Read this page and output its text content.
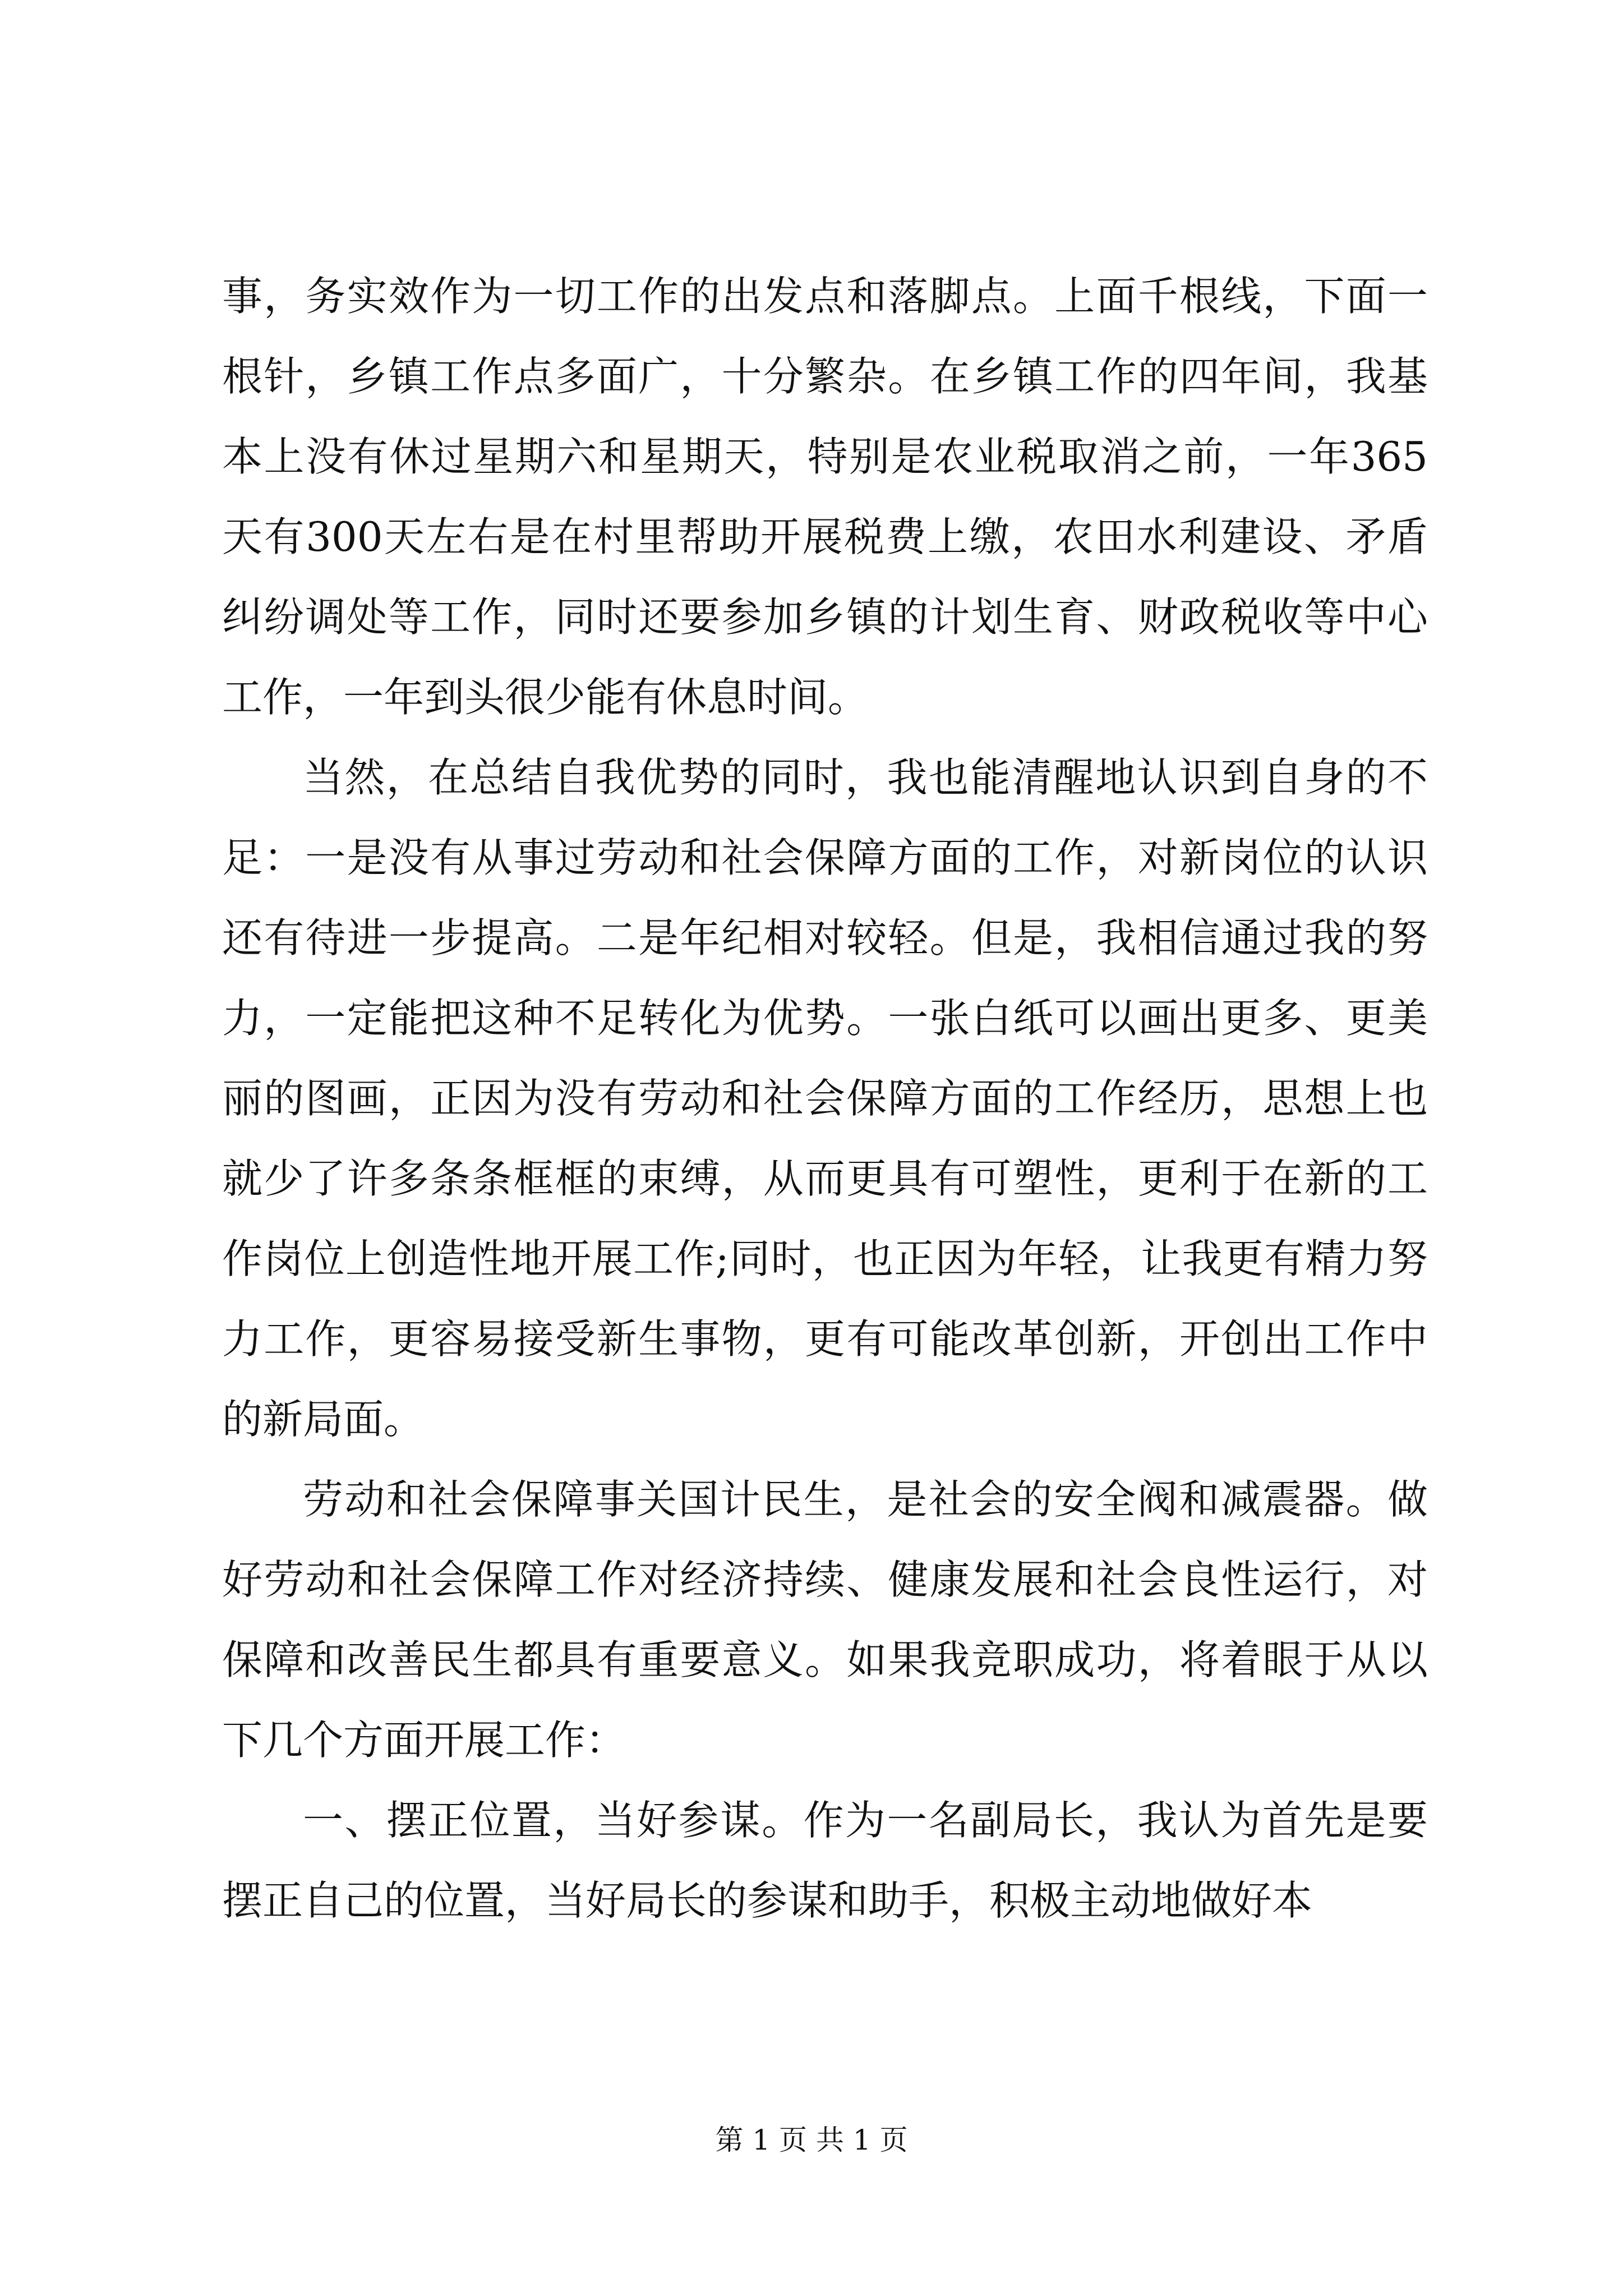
事，务实效作为一切工作的出发点和落脚点。上面千根线，下面一根针，乡镇工作点多面广，十分繁杂。在乡镇工作的四年间，我基本上没有休过星期六和星期天，特别是农业税取消之前，一年365天有300天左右是在村里帮助开展税费上缴，农田水利建设、矛盾纠纷调处等工作，同时还要参加乡镇的计划生育、财政税收等中心工作，一年到头很少能有休息时间。

当然，在总结自我优势的同时，我也能清醒地认识到自身的不足：一是没有从事过劳动和社会保障方面的工作，对新岗位的认识还有待进一步提高。二是年纪相对较轻。但是，我相信通过我的努力，一定能把这种不足转化为优势。一张白纸可以画出更多、更美丽的图画，正因为没有劳动和社会保障方面的工作经历，思想上也就少了许多条条框框的束缚，从而更具有可塑性，更利于在新的工作岗位上创造性地开展工作;同时，也正因为年轻，让我更有精力努力工作，更容易接受新生事物，更有可能改革创新，开创出工作中的新局面。

劳动和社会保障事关国计民生，是社会的安全阀和减震器。做好劳动和社会保障工作对经济持续、健康发展和社会良性运行，对保障和改善民生都具有重要意义。如果我竞职成功，将着眼于从以下几个方面开展工作：

一、摆正位置，当好参谋。作为一名副局长，我认为首先是要摆正自己的位置，当好局长的参谋和助手，积极主动地做好本

第 1 页 共 1 页
